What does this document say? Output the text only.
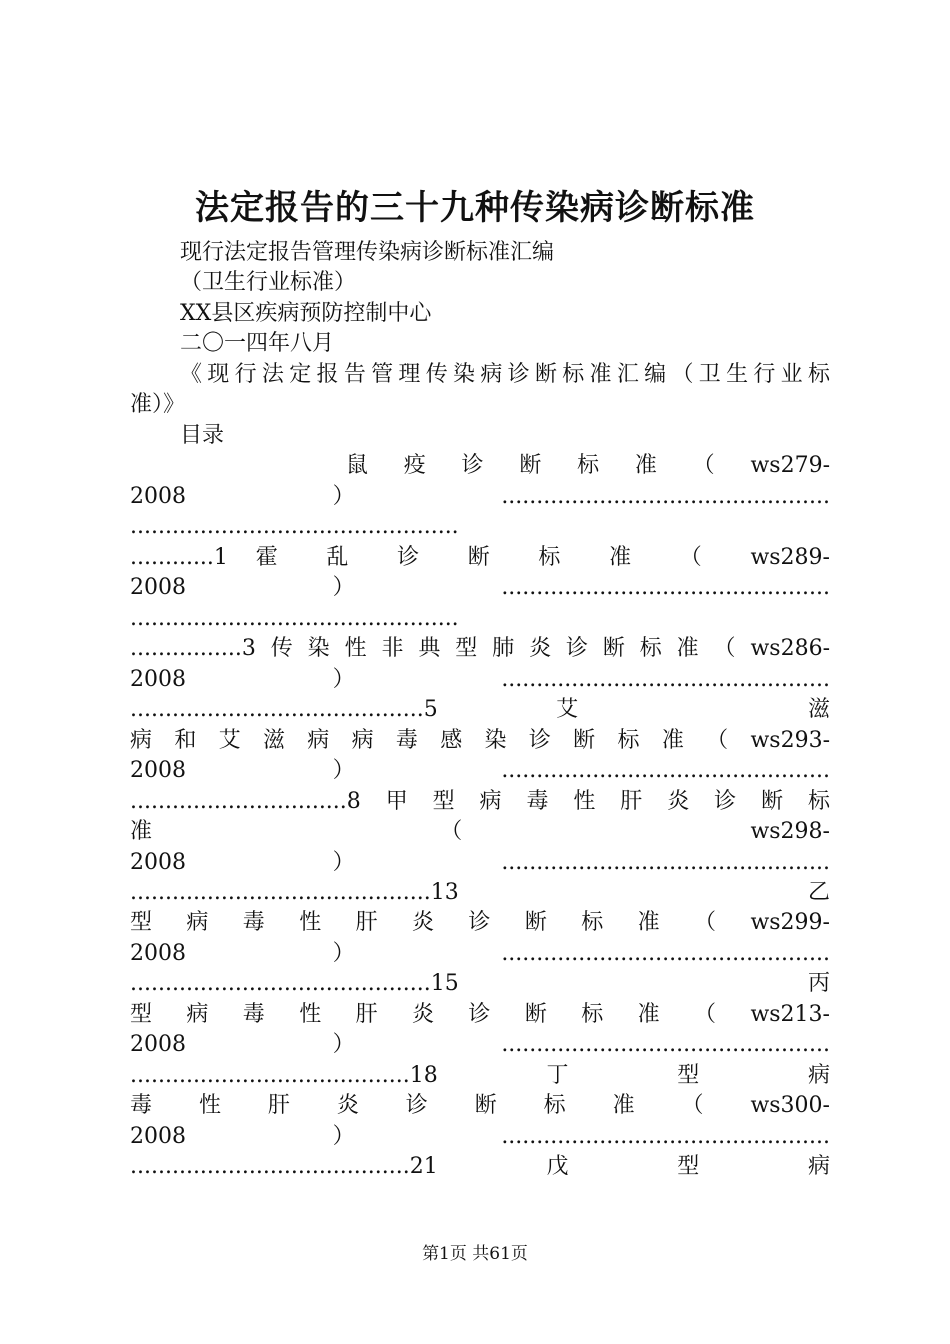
法定报告的三十九种传染病诊断标准
现行法定报告管理传染病诊断标准汇编
（卫生行业标准）
XX县区疾病预防控制中心
二〇一四年八月
《现行法定报告管理传染病诊断标准汇编（卫生行业标
准）》
目录
鼠 疫 诊 断 标 准 （ ws279-
2008）...............................................
...............................................
............1 霍 乱 诊 断 标 准 （ ws289-
2008）...............................................
...............................................
................3传染性非典型肺炎诊断标准（ws286-
2008）...............................................
..........................................5 艾 滋
病 和 艾 滋 病 病 毒 感 染 诊 断 标 准 （ ws293-
2008）...............................................
...............................8甲型病毒性肝炎诊断标
准 （ ws298-
2008）...............................................
...........................................13 乙
型 病 毒 性 肝 炎 诊 断 标 准 （ ws299-
2008）...............................................
...........................................15 丙
型 病 毒 性 肝 炎 诊 断 标 准 （ ws213-
2008）...............................................
........................................18丁型病
毒 性 肝 炎 诊 断 标 准 （ ws300-
2008）...............................................
........................................21戊型病
第1页 共61页
